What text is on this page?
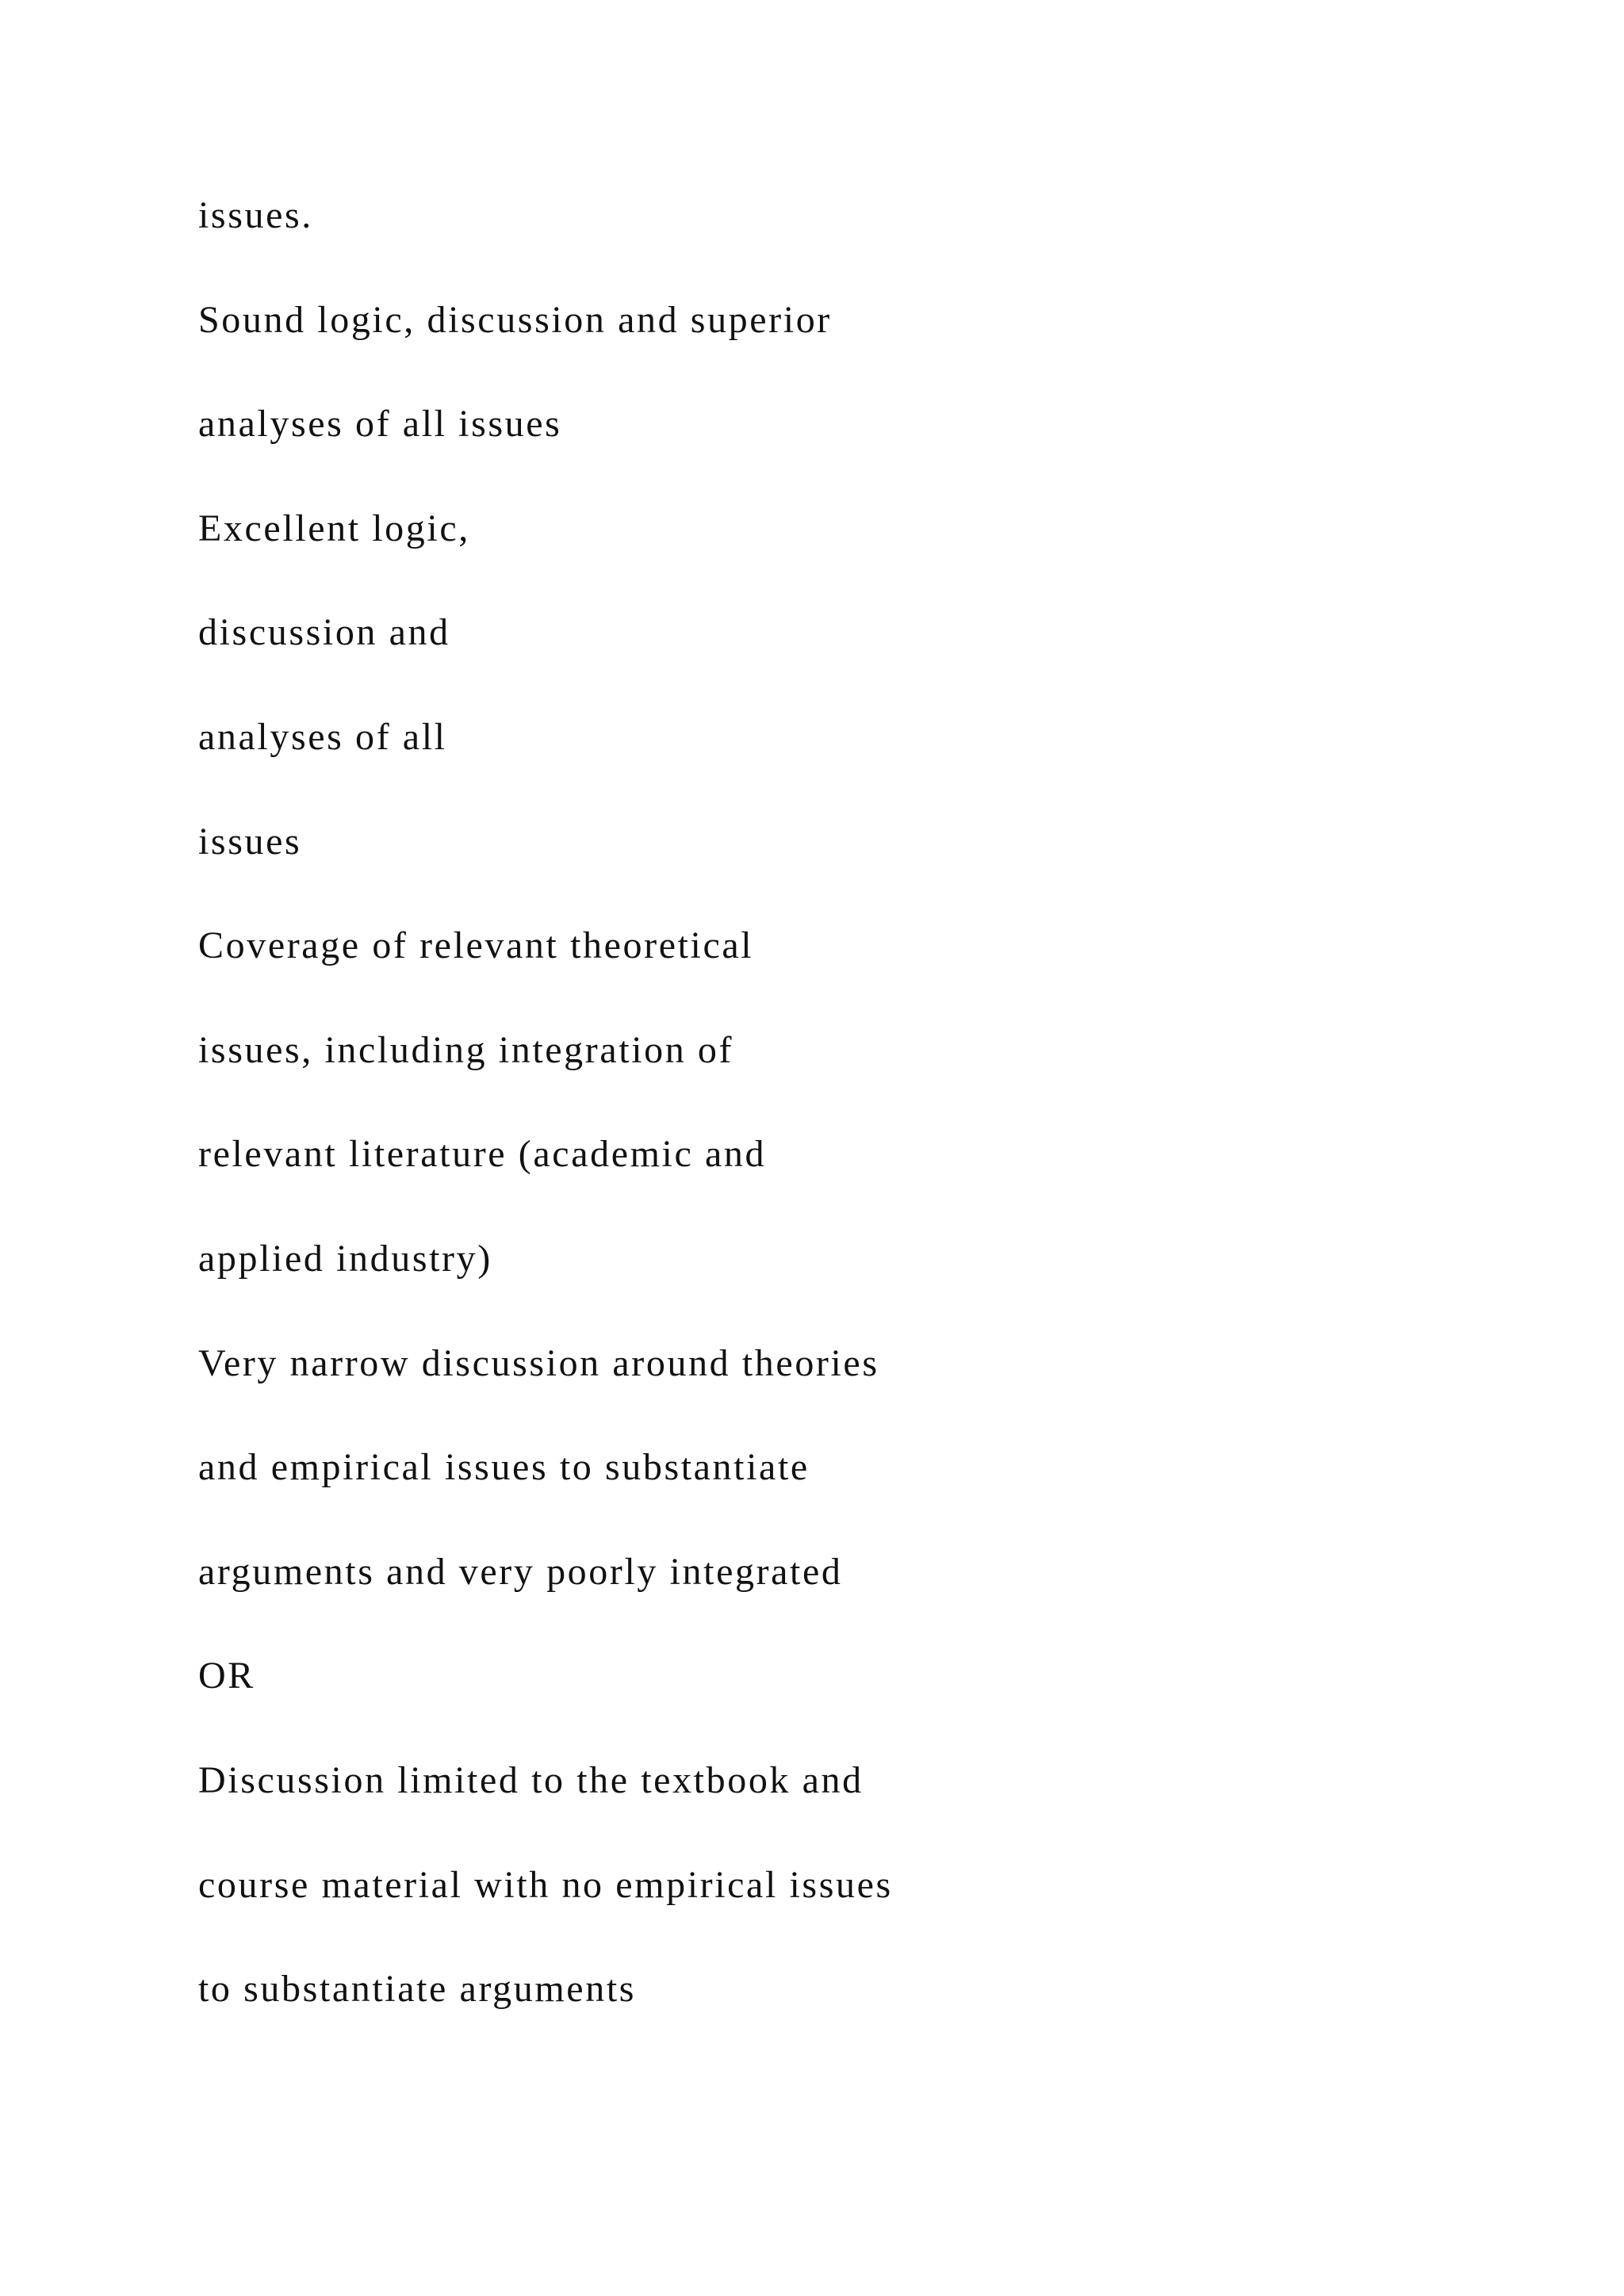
issues.

Sound logic, discussion and superior

analyses of all issues

Excellent logic,

discussion and

analyses of all

issues

Coverage of relevant theoretical

issues, including integration of

relevant literature (academic and

applied industry)

Very narrow discussion around theories

and empirical issues to substantiate

arguments and very poorly integrated

OR

Discussion limited to the textbook and

course material with no empirical issues

to substantiate arguments
